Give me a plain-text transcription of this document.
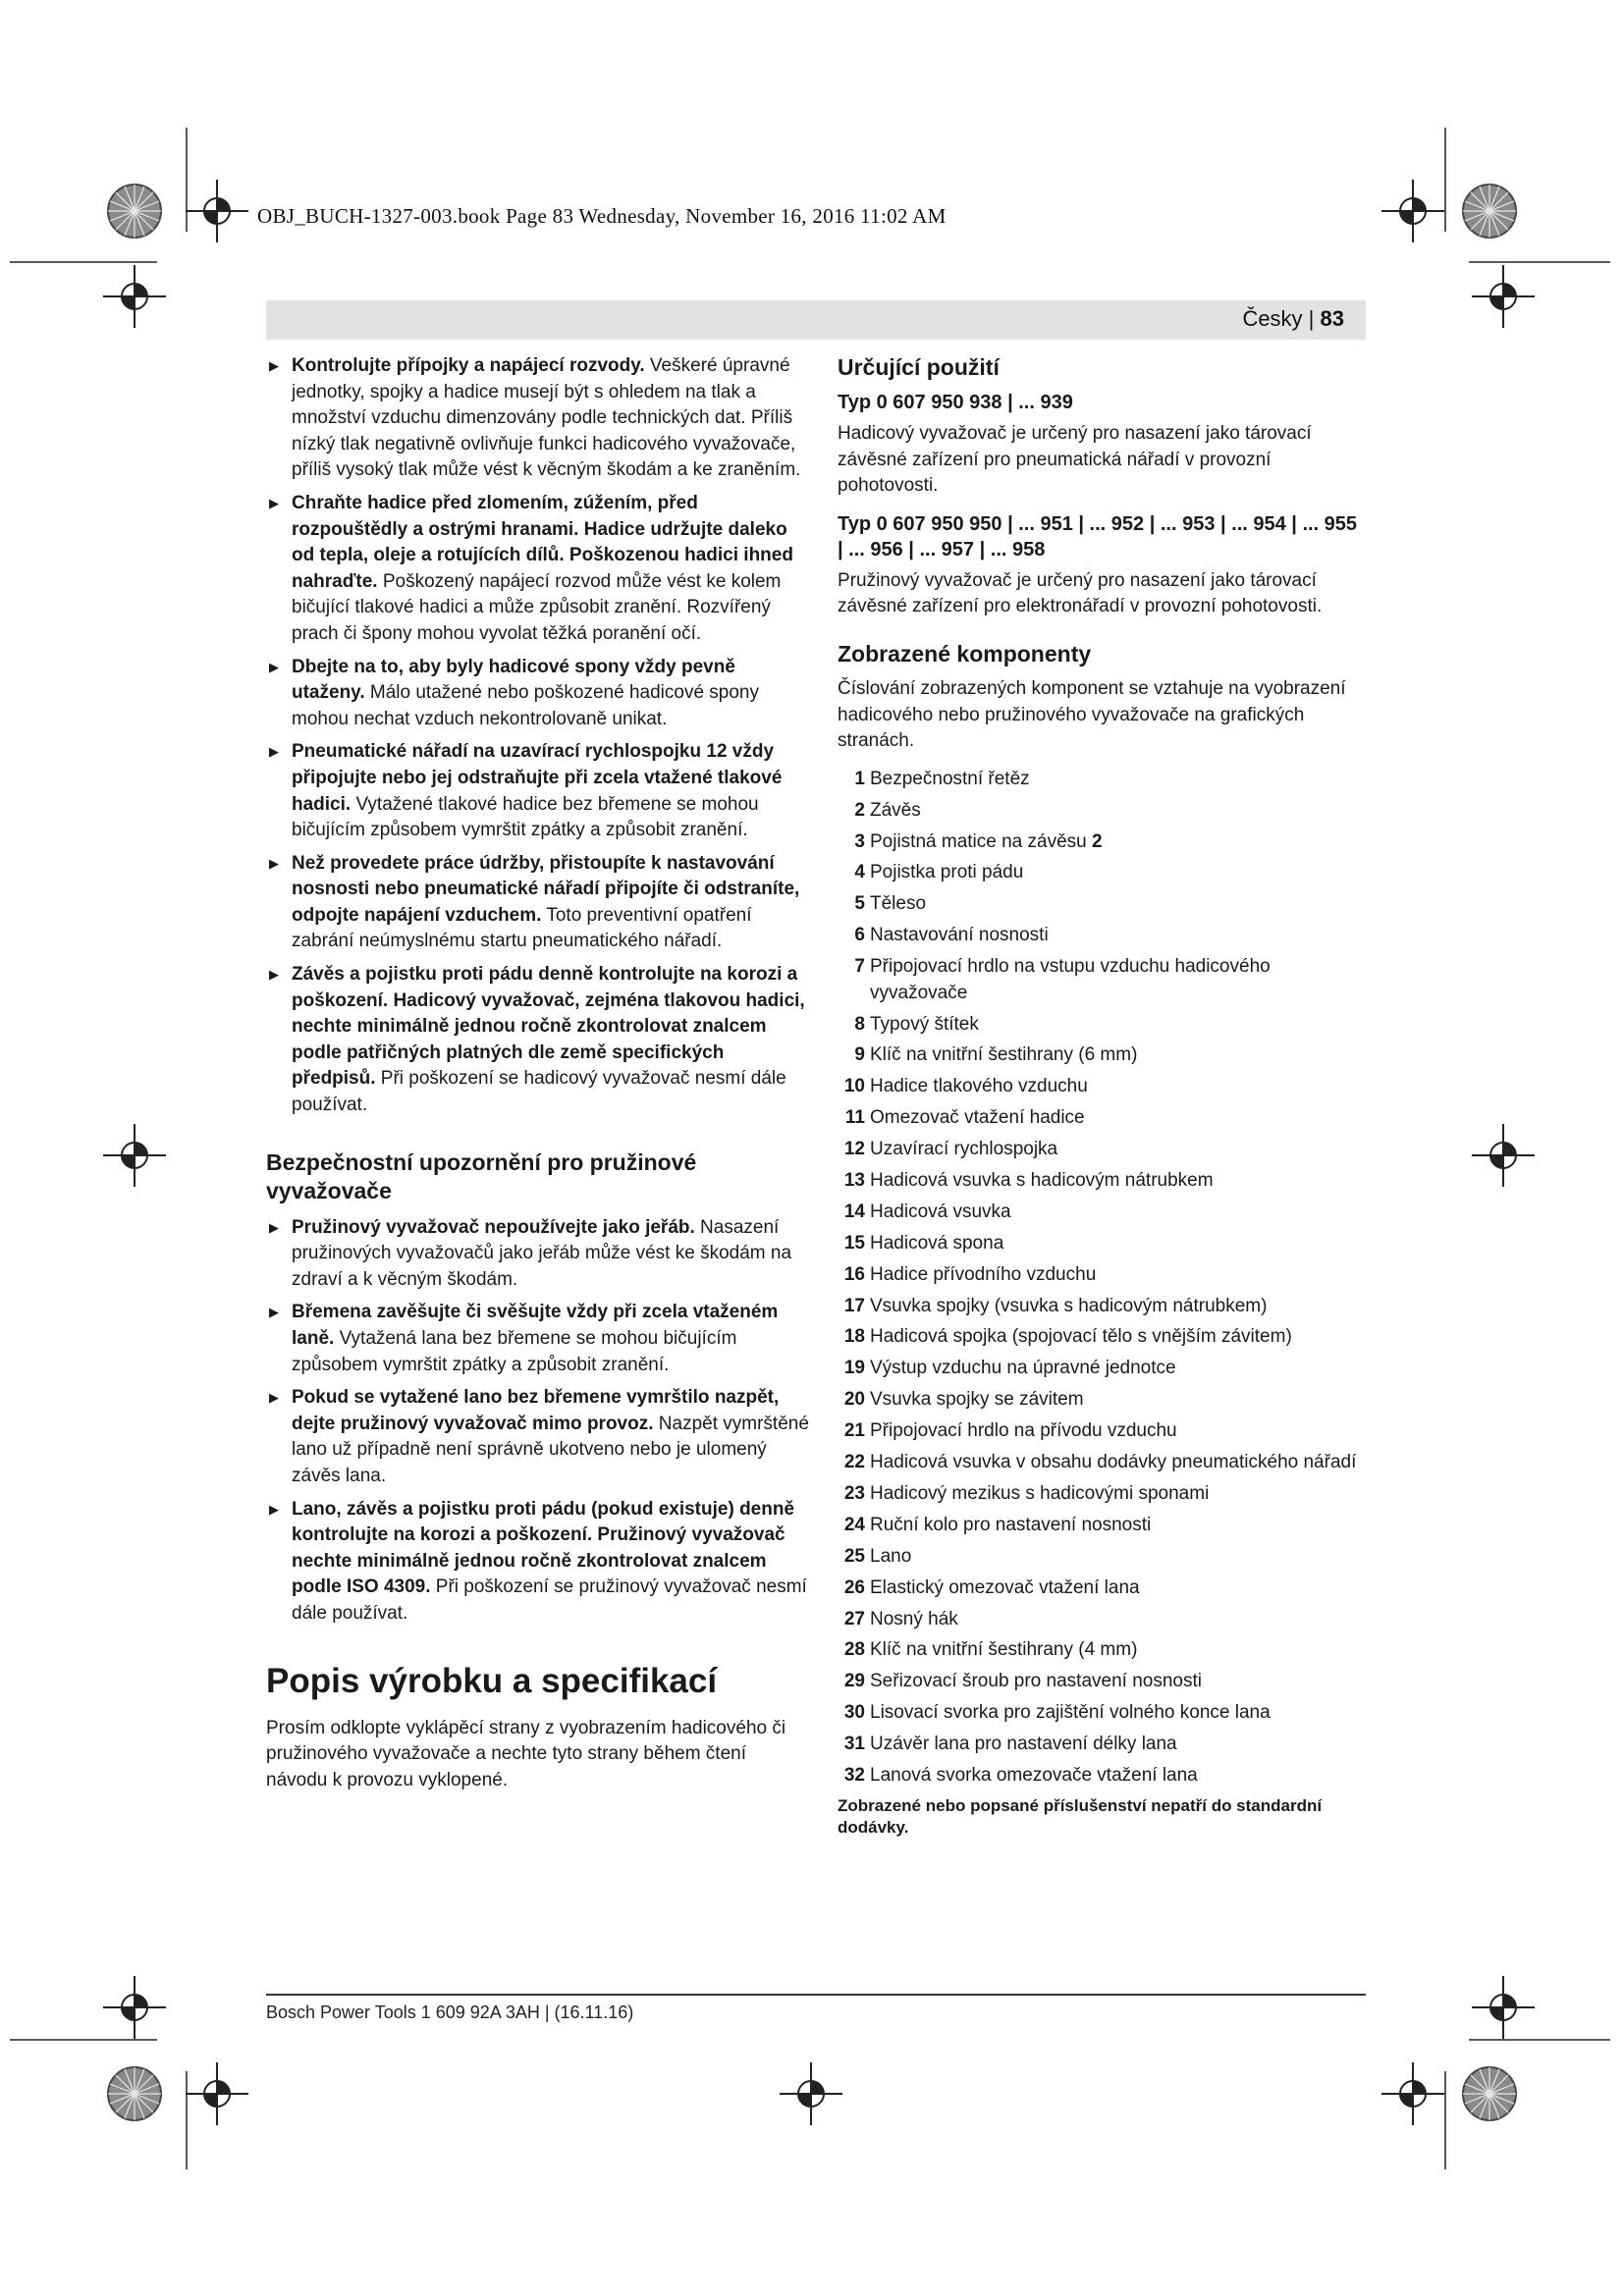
OBJ_BUCH-1327-003.book Page 83 Wednesday, November 16, 2016 11:02 AM
Česky | 83

▶ Kontrolujte přípojky a napájecí rozvody. Veškeré úpravné jednotky, spojky a hadice musejí být s ohledem na tlak a množství vzduchu dimenzovány podle technických dat. Příliš nízký tlak negativně ovlivňuje funkci hadicového vyvažovače, příliš vysoký tlak může vést k věcným škodám a ke zraněním.

▶ Chraňte hadice před zlomením, zúžením, před rozpouštědly a ostrými hranami. Hadice udržujte daleko od tepla, oleje a rotujících dílů. Poškozenou hadici ihned nahraďte. Poškozený napájecí rozvod může vést ke kolem bičující tlakové hadici a může způsobit zranění. Rozvířený prach či špony mohou vyvolat těžká poranění očí.

▶ Dbejte na to, aby byly hadicové spony vždy pevně utaženy. Málo utažené nebo poškozené hadicové spony mohou nechat vzduch nekontrolovaně unikat.

▶ Pneumatické nářadí na uzavírací rychlospojku 12 vždy připojujte nebo jej odstraňujte při zcela vtažené tlakové hadici. Vytažené tlakové hadice bez břemene se mohou bičujícím způsobem vymrštit zpátky a způsobit zranění.

▶ Než provedete práce údržby, přistoupíte k nastavování nosnosti nebo pneumatické nářadí připojíte či odstraníte, odpojte napájení vzduchem. Toto preventivní opatření zabrání neúmyslnému startu pneumatického nářadí.

▶ Závěs a pojistku proti pádu denně kontrolujte na korozi a poškození. Hadicový vyvažovač, zejména tlakovou hadici, nechte minimálně jednou ročně zkontrolovat znalcem podle patřičných platných dle země specifických předpisů. Při poškození se hadicový vyvažovač nesmí dále používat.

Bezpečnostní upozornění pro pružinové vyvažovače

▶ Pružinový vyvažovač nepoužívejte jako jeřáb. Nasazení pružinových vyvažovačů jako jeřáb může vést ke škodám na zdraví a k věcným škodám.

▶ Břemena zavěšujte či svěšujte vždy při zcela vtaženém laně. Vytažená lana bez břemene se mohou bičujícím způsobem vymrštit zpátky a způsobit zranění.

▶ Pokud se vytažené lano bez břemene vymrštilo nazpět, dejte pružinový vyvažovač mimo provoz. Nazpět vymrštěné lano už případně není správně ukotveno nebo je ulomený závěs lana.

▶ Lano, závěs a pojistku proti pádu (pokud existuje) denně kontrolujte na korozi a poškození. Pružinový vyvažovač nechte minimálně jednou ročně zkontrolovat znalcem podle ISO 4309. Při poškození se pružinový vyvažovač nesmí dále používat.

Popis výrobku a specifikací

Prosím odklopte vyklápěcí strany z vyobrazením hadicového či pružinového vyvažovače a nechte tyto strany během čtení návodu k provozu vyklopené.

Určující použití
Typ 0 607 950 938 | ... 939

Hadicový vyvažovač je určený pro nasazení jako tárovací závěsné zařízení pro pneumatická nářadí v provozní pohotovosti.

Typ 0 607 950 950 | ... 951 | ... 952 | ... 953 | ... 954 | ... 955 | ... 956 | ... 957 | ... 958

Pružinový vyvažovač je určený pro nasazení jako tárovací závěsné zařízení pro elektronářadí v provozní pohotovosti.

Zobrazené komponenty

Číslování zobrazených komponent se vztahuje na vyobrazení hadicového nebo pružinového vyvažovače na grafických stranách.

1 Bezpečnostní řetěz
2 Závěs
3 Pojistná matice na závěsu 2
4 Pojistka proti pádu
5 Těleso
6 Nastavování nosnosti
7 Připojovací hrdlo na vstupu vzduchu hadicového vyvažovače
8 Typový štítek
9 Klíč na vnitřní šestihrany (6 mm)
10 Hadice tlakového vzduchu
11 Omezovač vtažení hadice
12 Uzavírací rychlospojka
13 Hadicová vsuvka s hadicovým nátrubkem
14 Hadicová vsuvka
15 Hadicová spona
16 Hadice přívodního vzduchu
17 Vsuvka spojky (vsuvka s hadicovým nátrubkem)
18 Hadicová spojka (spojovací tělo s vnějším závitem)
19 Výstup vzduchu na úpravné jednotce
20 Vsuvka spojky se závitem
21 Připojovací hrdlo na přívodu vzduchu
22 Hadicová vsuvka v obsahu dodávky pneumatického nářadí
23 Hadicový mezikus s hadicovými sponami
24 Ruční kolo pro nastavení nosnosti
25 Lano
26 Elastický omezovač vtažení lana
27 Nosný hák
28 Klíč na vnitřní šestihrany (4 mm)
29 Seřizovací šroub pro nastavení nosnosti
30 Lisovací svorka pro zajištění volného konce lana
31 Uzávěr lana pro nastavení délky lana
32 Lanová svorka omezovače vtažení lana
Zobrazené nebo popsané příslušenství nepatří do standardní dodávky.
Bosch Power Tools 1 609 92A 3AH | (16.11.16)
